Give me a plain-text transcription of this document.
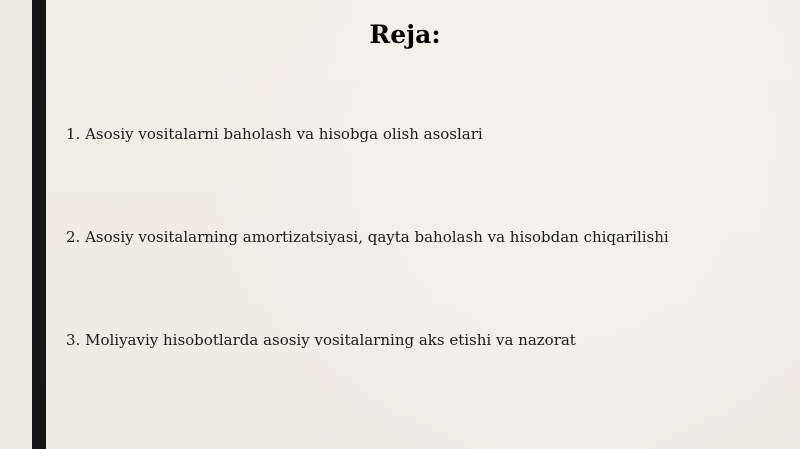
Reja:
1. Asosiy vositalarni baholash va hisobga olish asoslari
2. Asosiy vositalarning amortizatsiyasi, qayta baholash va hisobdan chiqarilishi
3. Moliyaviy hisobotlarda asosiy vositalarning aks etishi va nazorat
